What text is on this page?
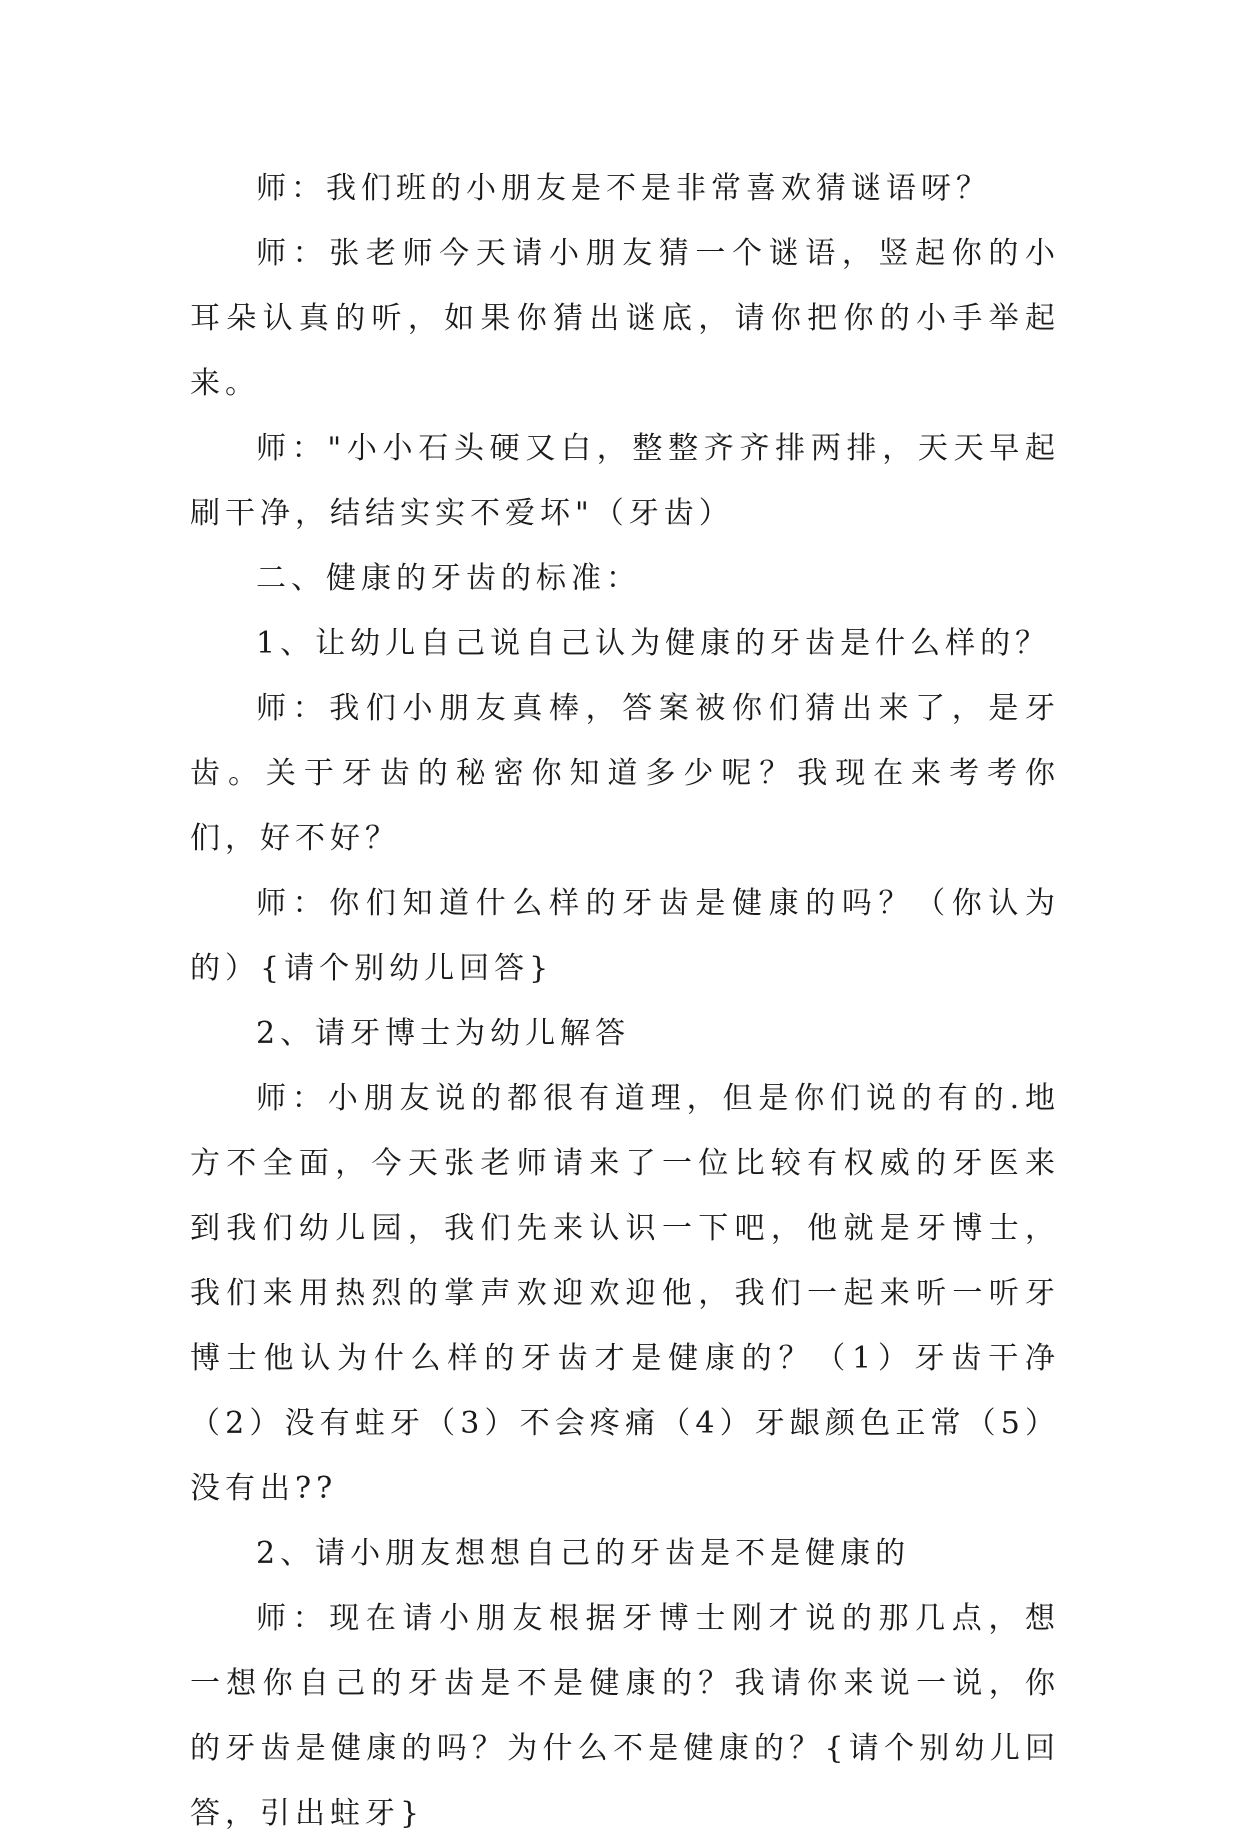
师：我们班的小朋友是不是非常喜欢猜谜语呀？

师：张老师今天请小朋友猜一个谜语，竖起你的小耳朵认真的听，如果你猜出谜底，请你把你的小手举起来。

师："小小石头硬又白，整整齐齐排两排，天天早起刷干净，结结实实不爱坏"（牙齿）

二、健康的牙齿的标准：

1、让幼儿自己说自己认为健康的牙齿是什么样的？

师：我们小朋友真棒，答案被你们猜出来了，是牙齿。关于牙齿的秘密你知道多少呢？我现在来考考你们，好不好？

师：你们知道什么样的牙齿是健康的吗？（你认为的）{请个别幼儿回答}

2、请牙博士为幼儿解答

师：小朋友说的都很有道理，但是你们说的有的.地方不全面，今天张老师请来了一位比较有权威的牙医来到我们幼儿园，我们先来认识一下吧，他就是牙博士，我们来用热烈的掌声欢迎欢迎他，我们一起来听一听牙博士他认为什么样的牙齿才是健康的？（1）牙齿干净（2）没有蛀牙（3）不会疼痛（4）牙龈颜色正常（5）没有出??

2、请小朋友想想自己的牙齿是不是健康的

师：现在请小朋友根据牙博士刚才说的那几点，想一想你自己的牙齿是不是健康的？我请你来说一说，你的牙齿是健康的吗？为什么不是健康的？{请个别幼儿回答，引出蛀牙}
